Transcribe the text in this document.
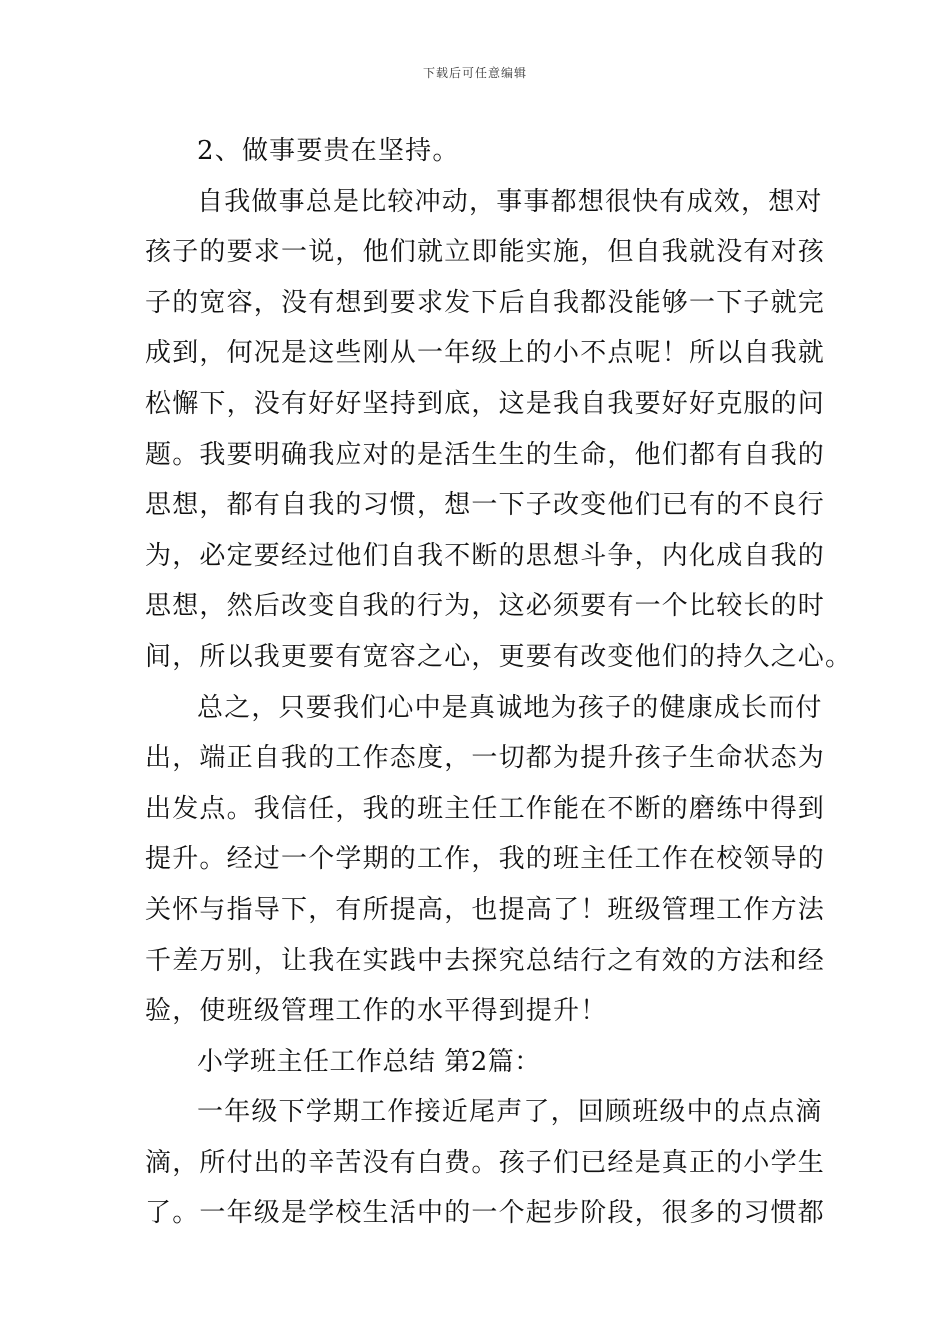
下载后可任意编辑
2、做事要贵在坚持。
自我做事总是比较冲动，事事都想很快有成效，想对
孩子的要求一说，他们就立即能实施，但自我就没有对孩
子的宽容，没有想到要求发下后自我都没能够一下子就完
成到，何况是这些刚从一年级上的小不点呢！所以自我就
松懈下，没有好好坚持到底，这是我自我要好好克服的问
题。我要明确我应对的是活生生的生命，他们都有自我的
思想，都有自我的习惯，想一下子改变他们已有的不良行
为，必定要经过他们自我不断的思想斗争，内化成自我的
思想，然后改变自我的行为，这必须要有一个比较长的时
间，所以我更要有宽容之心，更要有改变他们的持久之心。
总之，只要我们心中是真诚地为孩子的健康成长而付
出，端正自我的工作态度，一切都为提升孩子生命状态为
出发点。我信任，我的班主任工作能在不断的磨练中得到
提升。经过一个学期的工作，我的班主任工作在校领导的
关怀与指导下，有所提高，也提高了！班级管理工作方法
千差万别，让我在实践中去探究总结行之有效的方法和经
验，使班级管理工作的水平得到提升！
小学班主任工作总结 第2篇：
一年级下学期工作接近尾声了，回顾班级中的点点滴
滴，所付出的辛苦没有白费。孩子们已经是真正的小学生
了。一年级是学校生活中的一个起步阶段，很多的习惯都
